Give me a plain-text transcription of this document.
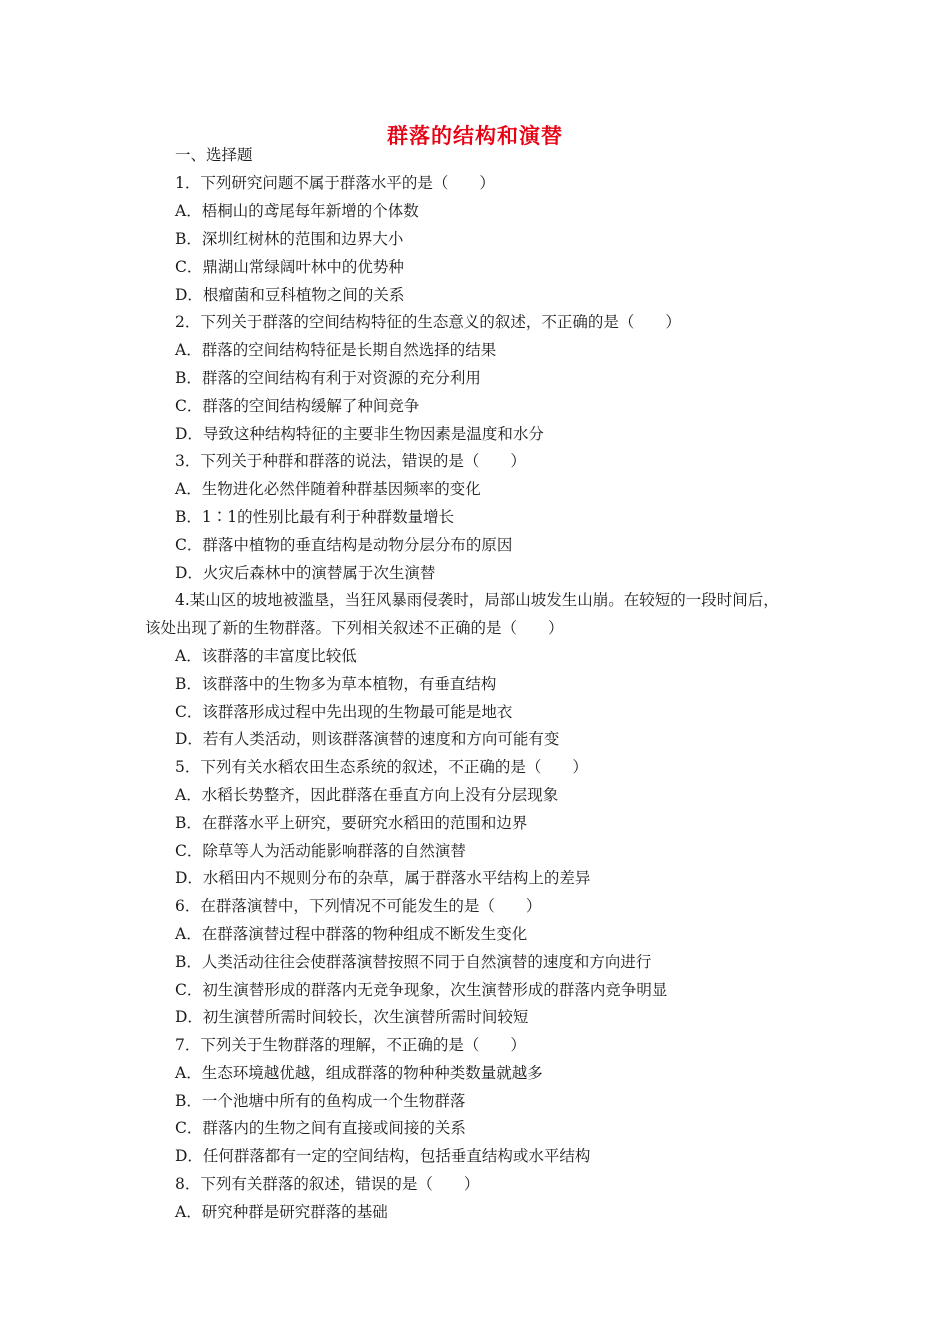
群落的结构和演替
一、选择题
1．下列研究问题不属于群落水平的是（　　）
A．梧桐山的鸢尾每年新增的个体数
B．深圳红树林的范围和边界大小
C．鼎湖山常绿阔叶林中的优势种
D．根瘤菌和豆科植物之间的关系
2．下列关于群落的空间结构特征的生态意义的叙述，不正确的是（　　）
A．群落的空间结构特征是长期自然选择的结果
B．群落的空间结构有利于对资源的充分利用
C．群落的空间结构缓解了种间竞争
D．导致这种结构特征的主要非生物因素是温度和水分
3．下列关于种群和群落的说法，错误的是（　　）
A．生物进化必然伴随着种群基因频率的变化
B．1∶1的性别比最有利于种群数量增长
C．群落中植物的垂直结构是动物分层分布的原因
D．火灾后森林中的演替属于次生演替
4.某山区的坡地被滥垦，当狂风暴雨侵袭时，局部山坡发生山崩。在较短的一段时间后，
该处出现了新的生物群落。下列相关叙述不正确的是（　　）
A．该群落的丰富度比较低
B．该群落中的生物多为草本植物，有垂直结构
C．该群落形成过程中先出现的生物最可能是地衣
D．若有人类活动，则该群落演替的速度和方向可能有变
5．下列有关水稻农田生态系统的叙述，不正确的是（　　）
A．水稻长势整齐，因此群落在垂直方向上没有分层现象
B．在群落水平上研究，要研究水稻田的范围和边界
C．除草等人为活动能影响群落的自然演替
D．水稻田内不规则分布的杂草，属于群落水平结构上的差异
6．在群落演替中，下列情况不可能发生的是（　　）
A．在群落演替过程中群落的物种组成不断发生变化
B．人类活动往往会使群落演替按照不同于自然演替的速度和方向进行
C．初生演替形成的群落内无竞争现象，次生演替形成的群落内竞争明显
D．初生演替所需时间较长，次生演替所需时间较短
7．下列关于生物群落的理解，不正确的是（　　）
A．生态环境越优越，组成群落的物种种类数量就越多
B．一个池塘中所有的鱼构成一个生物群落
C．群落内的生物之间有直接或间接的关系
D．任何群落都有一定的空间结构，包括垂直结构或水平结构
8．下列有关群落的叙述，错误的是（　　）
A．研究种群是研究群落的基础
